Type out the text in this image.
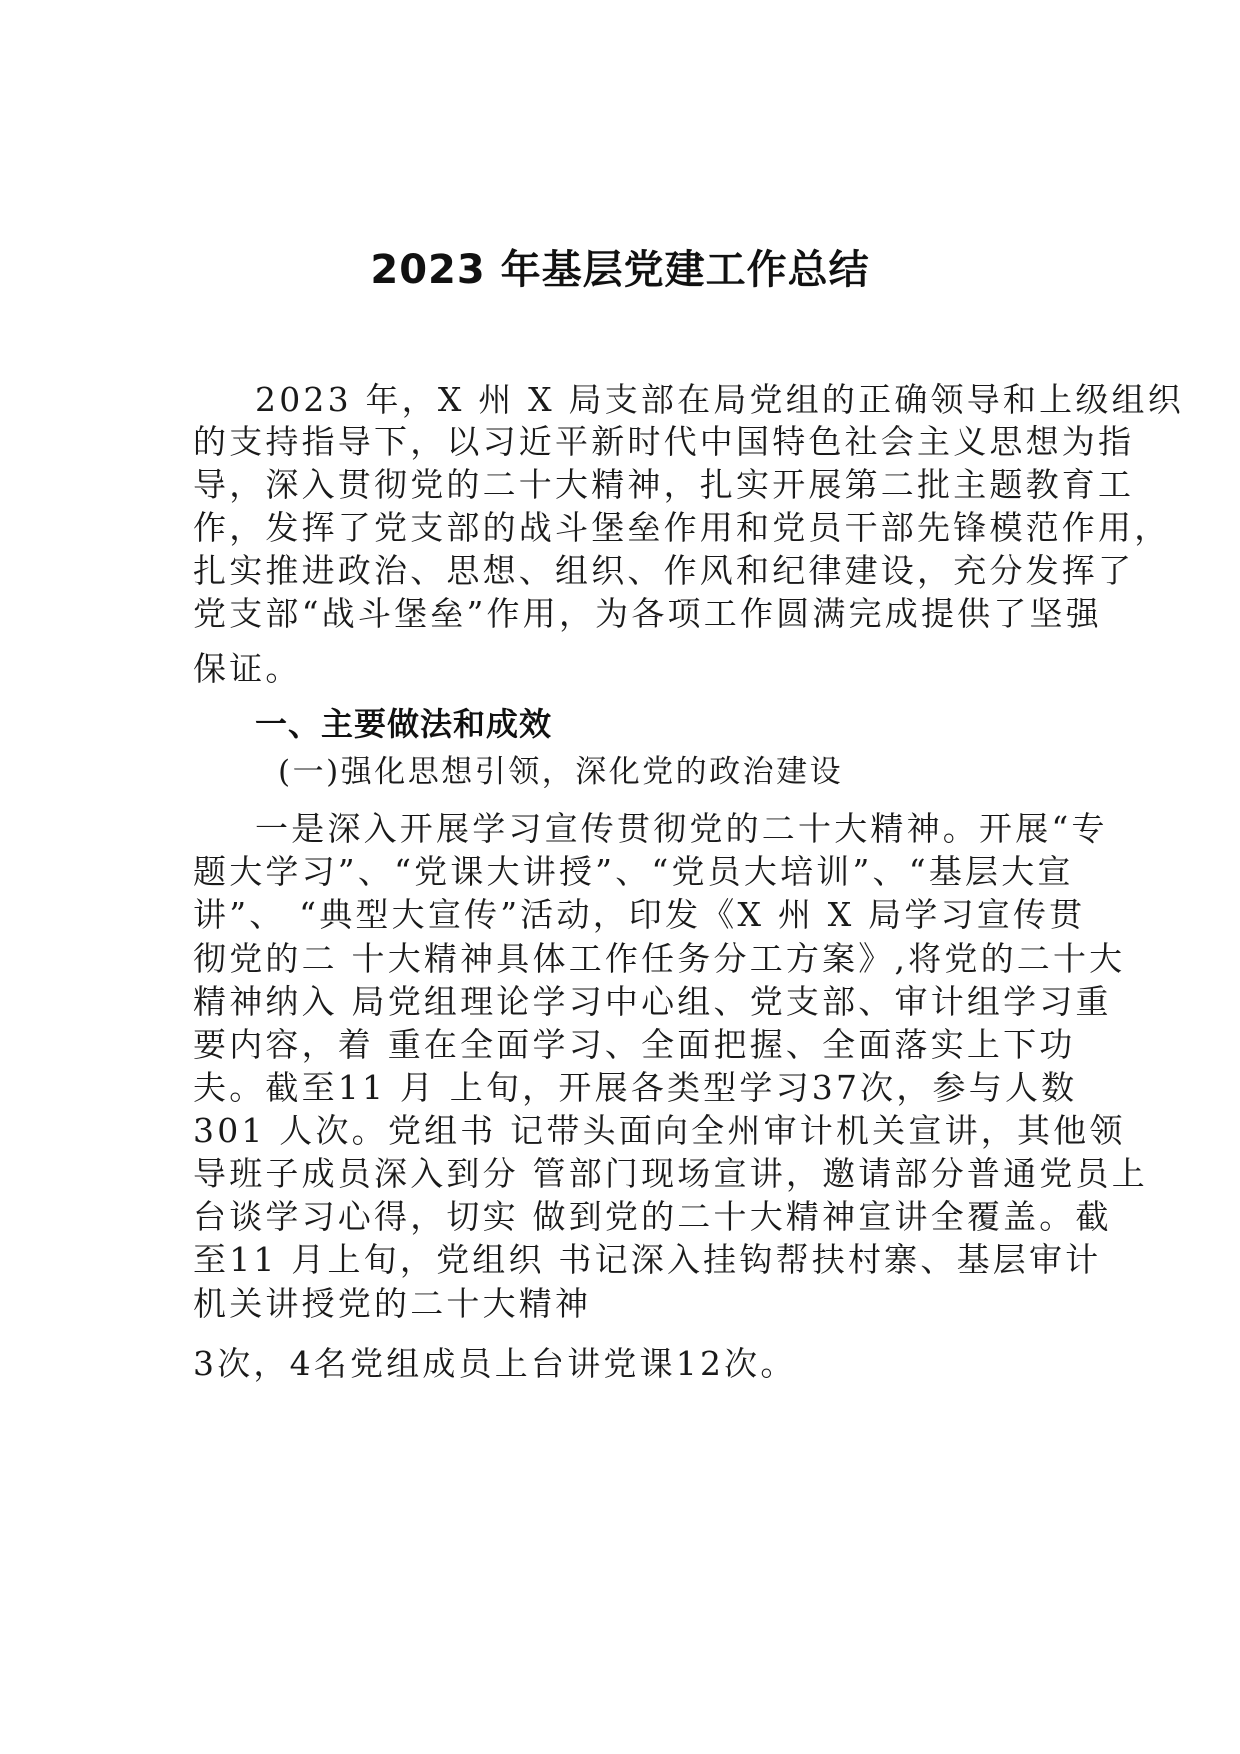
2023 年基层党建工作总结
2023 年，X 州 X 局支部在局党组的正确领导和上级组织
的支持指导下，以习近平新时代中国特色社会主义思想为指
导，深入贯彻党的二十大精神，扎实开展第二批主题教育工
作，发挥了党支部的战斗堡垒作用和党员干部先锋模范作用，
扎实推进政治、思想、组织、作风和纪律建设，充分发挥了
党支部“战斗堡垒”作用，为各项工作圆满完成提供了坚强
保证。
一、主要做法和成效
(一)强化思想引领，深化党的政治建设
一是深入开展学习宣传贯彻党的二十大精神。开展“专
题大学习”、“党课大讲授”、“党员大培训”、“基层大宣
讲”、 “典型大宣传”活动，印发《X 州 X 局学习宣传贯
彻党的二 十大精神具体工作任务分工方案》,将党的二十大
精神纳入 局党组理论学习中心组、党支部、审计组学习重
要内容，着 重在全面学习、全面把握、全面落实上下功
夫。截至11 月 上旬，开展各类型学习37次，参与人数
301 人次。党组书 记带头面向全州审计机关宣讲，其他领
导班子成员深入到分 管部门现场宣讲，邀请部分普通党员上
台谈学习心得，切实 做到党的二十大精神宣讲全覆盖。截
至11 月上旬，党组织 书记深入挂钩帮扶村寨、基层审计
机关讲授党的二十大精神
3次，4名党组成员上台讲党课12次。
